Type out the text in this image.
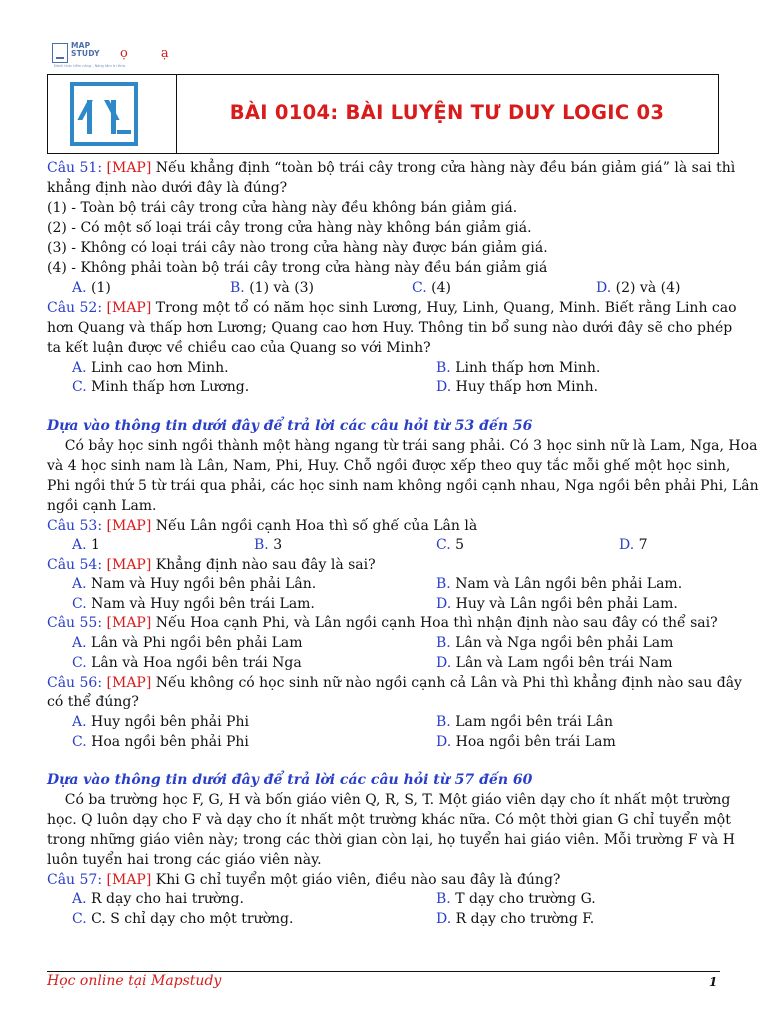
MAP
STUDY
Đánh thức tiềm năng - Nâng tầm tri thức
ọ        ạ
BÀI 0104: BÀI LUYỆN TƯ DUY LOGIC 03
Câu 51: [MAP] Nếu khẳng định “toàn bộ trái cây trong cửa hàng này đều bán giảm giá” là sai thì
khẳng định nào dưới đây là đúng?
(1) - Toàn bộ trái cây trong cửa hàng này đều không bán giảm giá.
(2) - Có một số loại trái cây trong cửa hàng này không bán giảm giá.
(3) - Không có loại trái cây nào trong cửa hàng này được bán giảm giá.
(4) - Không phải toàn bộ trái cây trong cửa hàng này đều bán giảm giá
A. (1)	B. (1) và (3)	C. (4)	D. (2) và (4)
Câu 52: [MAP] Trong một tổ có năm học sinh Lương, Huy, Linh, Quang, Minh. Biết rằng Linh cao
hơn Quang và thấp hơn Lương; Quang cao hơn Huy. Thông tin bổ sung nào dưới đây sẽ cho phép
ta kết luận được về chiều cao của Quang so với Minh?
A. Linh cao hơn Minh.	B. Linh thấp hơn Minh.
C. Minh thấp hơn Lương.	D. Huy thấp hơn Minh.
Dựa vào thông tin dưới đây để trả lời các câu hỏi từ 53 đến 56
Có bảy học sinh ngồi thành một hàng ngang từ trái sang phải. Có 3 học sinh nữ là Lam, Nga, Hoa
và 4 học sinh nam là Lân, Nam, Phi, Huy. Chỗ ngồi được xếp theo quy tắc mỗi ghế một học sinh,
Phi ngồi thứ 5 từ trái qua phải, các học sinh nam không ngồi cạnh nhau, Nga ngồi bên phải Phi, Lân
ngồi cạnh Lam.
Câu 53: [MAP] Nếu Lân ngồi cạnh Hoa thì số ghế của Lân là
A. 1	B. 3	C. 5	D. 7
Câu 54: [MAP] Khẳng định nào sau đây là sai?
A. Nam và Huy ngồi bên phải Lân.	B. Nam và Lân ngồi bên phải Lam.
C. Nam và Huy ngồi bên trái Lam.	D. Huy và Lân ngồi bên phải Lam.
Câu 55: [MAP] Nếu Hoa cạnh Phi, và Lân ngồi cạnh Hoa thì nhận định nào sau đây có thể sai?
A. Lân và Phi ngồi bên phải Lam	B. Lân và Nga ngồi bên phải Lam
C. Lân và Hoa ngồi bên trái Nga	D. Lân và Lam ngồi bên trái Nam
Câu 56: [MAP] Nếu không có học sinh nữ nào ngồi cạnh cả Lân và Phi thì khẳng định nào sau đây
có thể đúng?
A. Huy ngồi bên phải Phi	B. Lam ngồi bên trái Lân
C. Hoa ngồi bên phải Phi	D. Hoa ngồi bên trái Lam
Dựa vào thông tin dưới đây để trả lời các câu hỏi từ 57 đến 60
Có ba trường học F, G, H và bốn giáo viên Q, R, S, T. Một giáo viên dạy cho ít nhất một trường
học. Q luôn dạy cho F và dạy cho ít nhất một trường khác nữa. Có một thời gian G chỉ tuyển một
trong những giáo viên này; trong các thời gian còn lại, họ tuyển hai giáo viên. Mỗi trường F và H
luôn tuyển hai trong các giáo viên này.
Câu 57: [MAP] Khi G chỉ tuyển một giáo viên, điều nào sau đây là đúng?
A. R dạy cho hai trường.	B. T dạy cho trường G.
C. C. S chỉ dạy cho một trường.	D. R dạy cho trường F.
Học online tại Mapstudy	1
